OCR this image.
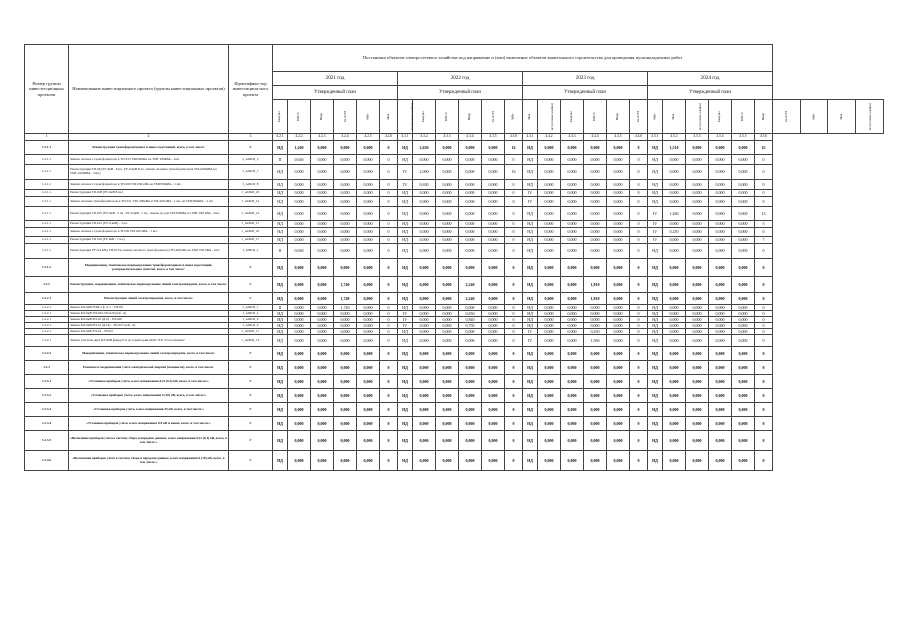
Номер группы инвести-ционных проектов	Наименование инвестиционного проекта (группы инвестиционных проектов)	Идентифика-тор инвестицион-ного проекта	Постановка объектов электросетевого хозяйства под напряжение и (или) включение объектов капитального строительства для проведения пусконаладочных работ																											
			2021 год						2022 год						2023 год						2024 год									
			Утвержденный план						Утвержденный план						Утвержденный план						Утвержденный план									
			Квартал	МВ×А	Мвар	км ЛЭП	МВт	Мва	шт (полные ячейки)	Квартал	МВ×А	Мвар	км ЛЭП	МВт	Мва	шт (полные ячейки)	Квартал	МВ×А	Мвар	км ЛЭП	МВт	Мва	шт (полные ячейки)	Квартал	МВ×А	Мвар	км ЛЭП	МВт	Мва	шт (полные ячейки)
1	2	3	4.2.1	4.2.2	4.2.3	4.2.4	4.2.5	4.2.6	4.3.1	4.3.2	4.3.3	4.3.4	4.3.5	4.3.6	4.4.1	4.4.2	4.4.3	4.4.4	4.4.5	4.4.6	4.5.1	4.5.2	4.5.3	4.5.4	4.5.5	4.5.6				
1.2.1.1	Реконструкция трансформаторных и иных подстанций, всего, в том числе:	Г	НД	1,260	0,000	0,000	0,000	0	НД	2,630	0,000	0,000	0,000	16	НД	0,000	0,000	0,000	0,000	8	НД	1,510	0,000	0,000	0,000	25				
1.2.1.1	Замена силового трансформатора в ТП-013 ТМ630кВА на ТМГ 630кВА - 1шт.	J_AOKD_5	II	0,630	0,000	0,000	0,000	0	НД	0,000	0,000	0,000	0,000	0	НД	0,000	0,000	0,000	0,000	0	НД	0,000	0,000	0,000	0,000	0				
1.2.1.1	Реконструкция ТП-06 (РУ-6кВ - 8 яч., РУ-0,4кВ-8 яч. замена силовых трансформаторов ТМ-1000кВА на ТМГ-1000кВА - 2шт.)	J_AOKD_7	НД	0,000	0,000	0,000	0,000	0	IV	2,000	0,000	0,000	0,000	16	НД	0,000	0,000	0,000	0,000	0	НД	0,000	0,000	0,000	0,000	0				
1.2.1.1	Замена силового трансформатора в ТП-020 ТМ 630 кВА на ТМГ630кВА - 1 шт.	J_AOKD_8	НД	0,000	0,000	0,000	0,000	0	IV	0,630	0,000	0,000	0,000	0	НД	0,000	0,000	0,000	0,000	0	НД	0,000	0,000	0,000	0,000	0				
1.2.1.1	Реконструкция ТП-028 (РУ-6кВ 8 яч.)	J_AOKD_10	НД	0,000	0,000	0,000	0,000	0	НД	0,000	0,000	0,000	0,000	0	IV	0,000	0,000	0,000	0,000	8	НД	0,000	0,000	0,000	0,000	0				
1.2.1.1	Замена силовых трансформаторов в ТП-011 ТТ0-400кВА и ТМ-400 кВА - 1 шт. на ТМГ400кВА - 2 шт.	J_AOKD_12	НД	0,000	0,000	0,000	0,000	0	НД	0,000	0,000	0,000	0,000	0	IV	0,000	0,000	0,000	0,000	0	НД	0,000	0,000	0,000	0,000	0				
1.2.1.1	Реконструкция ТП-027 (РУ-6кВ - 5 яч., РУ-0,4кВ - 7 яч., замена тр-ров ТМ 630кВА на ТМГ 630 кВА - 2шт.	J_AOKD_14	НД	0,000	0,000	0,000	0,000	0	НД	0,000	0,000	0,000	0,000	0	НД	0,000	0,000	0,000	0,000	0	IV	1,260	0,000	0,000	0,000	13				
1.2.1.1	Реконструкция ТП-021 (РУ-0,4кВ) - 5 яч.	J_AOKD_15	НД	0,000	0,000	0,000	0,000	0	НД	0,000	0,000	0,000	0,000	0	НД	0,000	0,000	0,000	0,000	0	IV	0,000	0,000	0,000	0,000	5				
1.2.1.1	Замена силового трансформатора в ТП-09 ТМ-250 кВА - 1 шт.	J_AOKD_16	НД	0,000	0,000	0,000	0,000	0	НД	0,000	0,000	0,000	0,000	0	НД	0,000	0,000	0,000	0,000	0	IV	0,250	0,000	0,000	0,000	0				
1.2.1.1	Реконструкция ТП 016 (РУ 6кВ - 7 яч.)	J_AOKD_17	НД	0,000	0,000	0,000	0,000	0	НД	0,000	0,000	0,000	0,000	0	НД	0,000	0,000	0,000	0,000	0	IV	0,000	0,000	0,000	0,000	7				
1.2.1.1	Реконструкция РУ-0,4 кВ в ТП-019 и замена силового трансформатора ТП-400 кВа на ТМГ 630 кВА - 1шт.	I_AOKD_1	II	0,630	0,000	0,000	0,000	0	НД	0,000	0,000	0,000	0,000	0	НД	0,000	0,000	0,000	0,000	0	НД	0,000	0,000	0,000	0,000	0				
1.2.1.2	Модернизация, техническое перевооружение трансформаторных и иных подстанций, распределительных пунктов, всего, в том числе:	Г	НД	0,000	0,000	0,000	0,000	0	НД	0,000	0,000	0,000	0,000	0	НД	0,000	0,000	0,000	0,000	0	НД	0,000	0,000	0,000	0,000	0				
1.2.2	Реконструкция, модернизация, техническое перевооружение линий электропередачи, всего, в том числе:	Г	НД	0,000	0,000	1,740	0,000	0	НД	0,000	0,000	2,240	0,000	0	НД	0,000	0,000	1,810	0,000	0	НД	0,000	0,000	0,000	0,000	0				
1.2.2.1	Реконструкция линий электропередачи, всего, в том числе:	Г	НД	0,000	0,000	1,740	0,000	0	НД	0,000	0,000	2,240	0,000	0	НД	0,000	0,000	1,810	0,000	0	НД	0,000	0,000	0,000	0,000	0				
1.2.2.1	Замена КЛ-6кВ ГПП-2 ф. Р-1 - ТП-06	J_AOKD_1	II	0,000	0,000	1,740	0,000	0	НД	0,000	0,000	0,000	0,000	0	НД	0,000	0,000	0,000	0,000	0	НД	0,000	0,000	0,000	0,000	0				
1.2.2.1	Замена КЛ-6кВ ТП-033-ТП-029 (каб. А)	J_AOKD_4	НД	0,000	0,000	0,000	0,000	0	IV	0,000	0,000	0,650	0,000	0	НД	0,000	0,000	0,000	0,000	0	НД	0,000	0,000	0,000	0,000	0				
1.2.2.1	Замена КЛ-6кВ РП-22 (ф.9) - ТП-026	J_AOKD_6	НД	0,000	0,000	0,000	0,000	0	IV	0,000	0,000	0,840	0,000	0	НД	0,000	0,000	0,000	0,000	0	НД	0,000	0,000	0,000	0,000	0				
1.2.2.1	Замена КЛ-6кВ РП-22 (ф.16) - ТП-027 (каб. А)	J_AOKD_9	НД	0,000	0,000	0,000	0,000	0	IV	0,000	0,000	0,750	0,000	0	НД	0,000	0,000	0,000	0,000	0	НД	0,000	0,000	0,000	0,000	0				
1.2.2.1	Замена КЛ-6кВ ТП-01 - ТП-02	J_AOKD_11	НД	0,000	0,000	0,000	0,000	0	НД	0,000	0,000	0,000	0,000	0	IV	0,000	0,000	0,250	0,000	0	НД	0,000	0,000	0,000	0,000	0				
1.2.2.1	Замена участков двух КЛ-6кВ фидер Р-6 по территории ООО "КХ "Ростсельмаш"	J_AOKD_13	НД	0,000	0,000	0,000	0,000	0	НД	0,000	0,000	0,000	0,000	0	IV	0,000	0,000	1,560	0,000	0	НД	0,000	0,000	0,000	0,000	0				
1.2.2.2	Модернизация, техническое перевооружение линий электропередачи, всего, в том числе:	Г	НД	0,000	0,000	0,000	0,000	0	НД	0,000	0,000	0,000	0,000	0	НД	0,000	0,000	0,000	0,000	0	НД	0,000	0,000	0,000	0,000	0				
1.2.3	Развитие и модернизация учета электрической энергии (мощности), всего, в том числе:	Г	НД	0,000	0,000	0,000	0,000	0	НД	0,000	0,000	0,000	0,000	0	НД	0,000	0,000	0,000	0,000	0	НД	0,000	0,000	0,000	0,000	0				
1.2.3.1	«Установка приборов учета, класс напряжения 0,22 (0,4) кВ, всего, в том числе:»	Г	НД	0,000	0,000	0,000	0,000	0	НД	0,000	0,000	0,000	0,000	0	НД	0,000	0,000	0,000	0,000	0	НД	0,000	0,000	0,000	0,000	0				
1.2.3.2	«Установка приборов учета, класс напряжения 6 (10) кВ, всего, в том числе:»	Г	НД	0,000	0,000	0,000	0,000	0	НД	0,000	0,000	0,000	0,000	0	НД	0,000	0,000	0,000	0,000	0	НД	0,000	0,000	0,000	0,000	0				
1.2.3.3	«Установка приборов учета, класс напряжения 35 кВ, всего, в том числе:»	Г	НД	0,000	0,000	0,000	0,000	0	НД	0,000	0,000	0,000	0,000	0	НД	0,000	0,000	0,000	0,000	0	НД	0,000	0,000	0,000	0,000	0				
1.2.3.4	«Установка приборов учета, класс напряжения 110 кВ и выше, всего, в том числе:»	Г	НД	0,000	0,000	0,000	0,000	0	НД	0,000	0,000	0,000	0,000	0	НД	0,000	0,000	0,000	0,000	0	НД	0,000	0,000	0,000	0,000	0				
1.2.3.5	«Включение приборов учета в систему сбора и передачи данных, класс напряжения 0,22 (0,4) кВ, всего, в том числе:»	Г	НД	0,000	0,000	0,000	0,000	0	НД	0,000	0,000	0,000	0,000	0	НД	0,000	0,000	0,000	0,000	0	НД	0,000	0,000	0,000	0,000	0				
1.2.3.6	«Включение приборов учета в систему сбора и передачи данных, класс напряжения 6 (10) кВ, всего, в том числе:»	Г	НД	0,000	0,000	0,000	0,000	0	НД	0,000	0,000	0,000	0,000	0	НД	0,000	0,000	0,000	0,000	0	НД	0,000	0,000	0,000	0,000	0				
